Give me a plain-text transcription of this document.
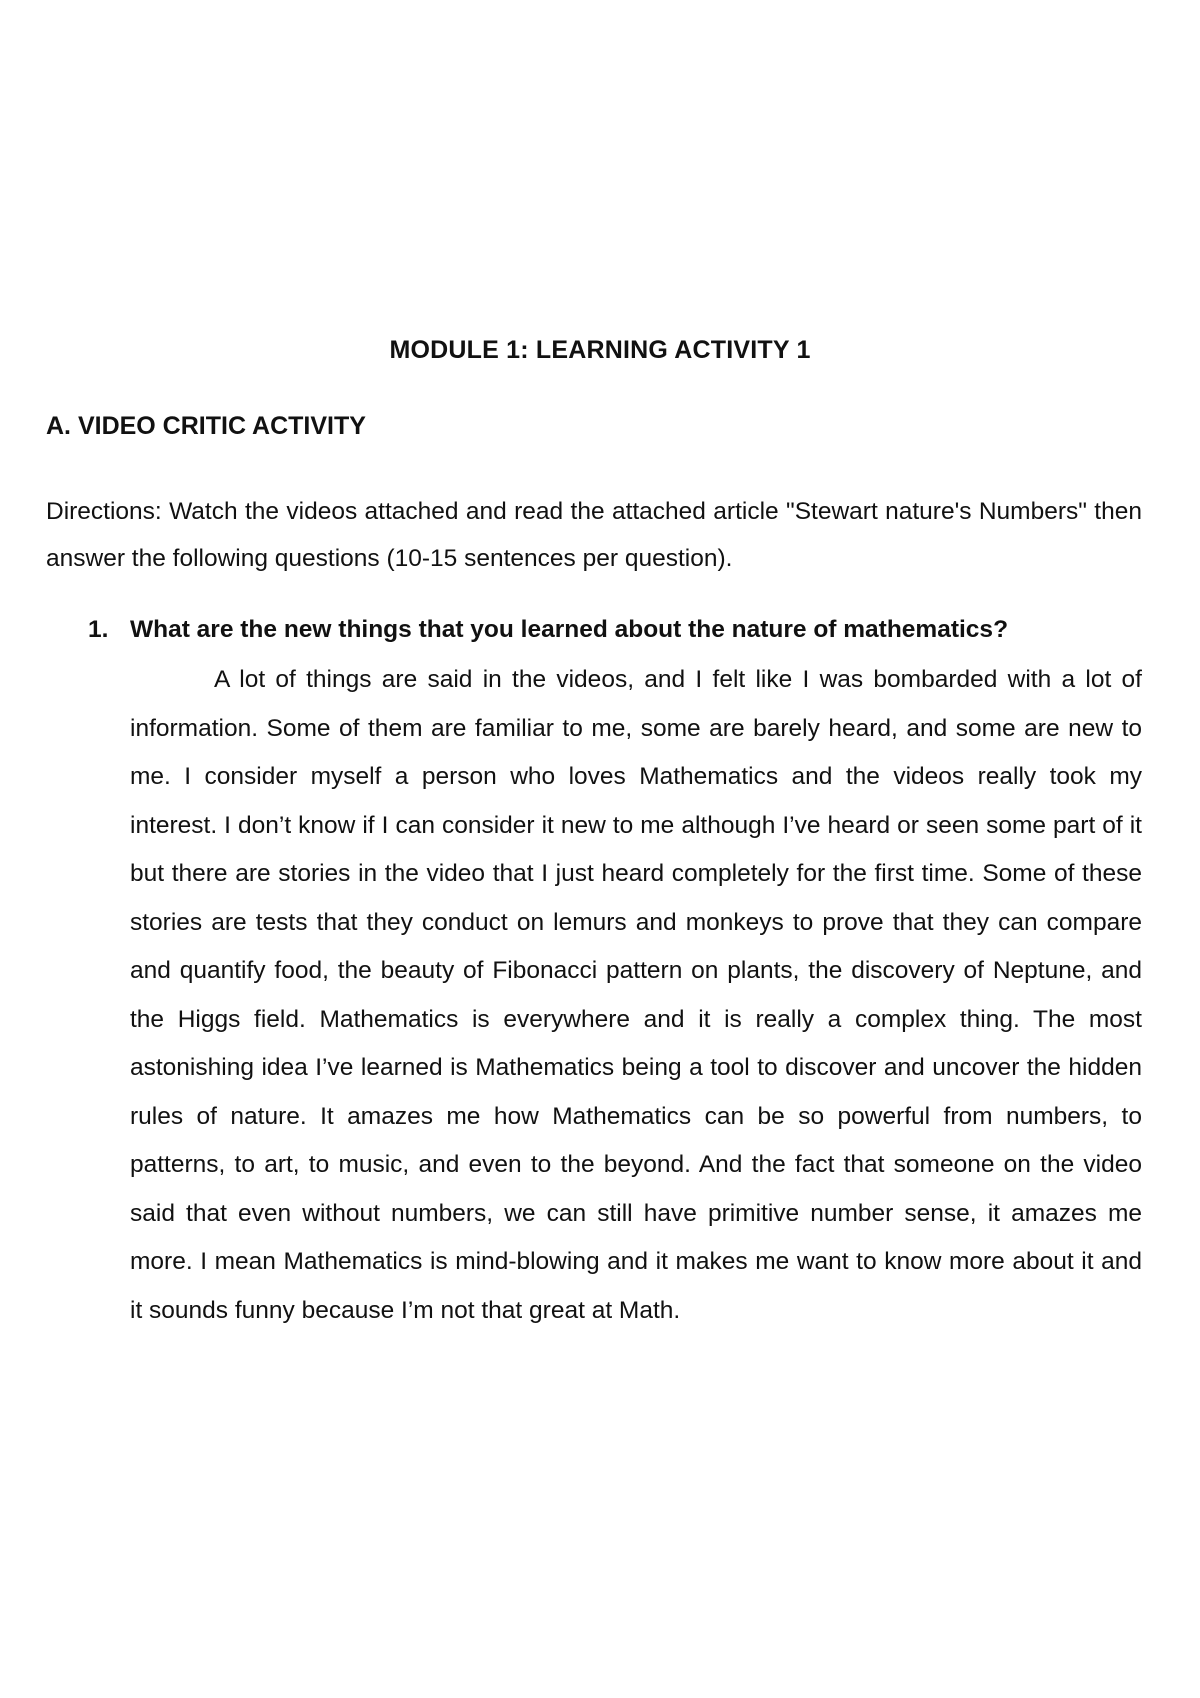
MODULE 1: LEARNING ACTIVITY 1
A. VIDEO CRITIC ACTIVITY

Directions: Watch the videos attached and read the attached article "Stewart nature's Numbers" then answer the following questions (10-15 sentences per question).

1. What are the new things that you learned about the nature of mathematics?

A lot of things are said in the videos, and I felt like I was bombarded with a lot of information. Some of them are familiar to me, some are barely heard, and some are new to me. I consider myself a person who loves Mathematics and the videos really took my interest. I don’t know if I can consider it new to me although I’ve heard or seen some part of it but there are stories in the video that I just heard completely for the first time. Some of these stories are tests that they conduct on lemurs and monkeys to prove that they can compare and quantify food, the beauty of Fibonacci pattern on plants, the discovery of Neptune, and the Higgs field. Mathematics is everywhere and it is really a complex thing. The most astonishing idea I’ve learned is Mathematics being a tool to discover and uncover the hidden rules of nature. It amazes me how Mathematics can be so powerful from numbers, to patterns, to art, to music, and even to the beyond. And the fact that someone on the video said that even without numbers, we can still have primitive number sense, it amazes me more. I mean Mathematics is mind-blowing and it makes me want to know more about it and it sounds funny because I’m not that great at Math.
